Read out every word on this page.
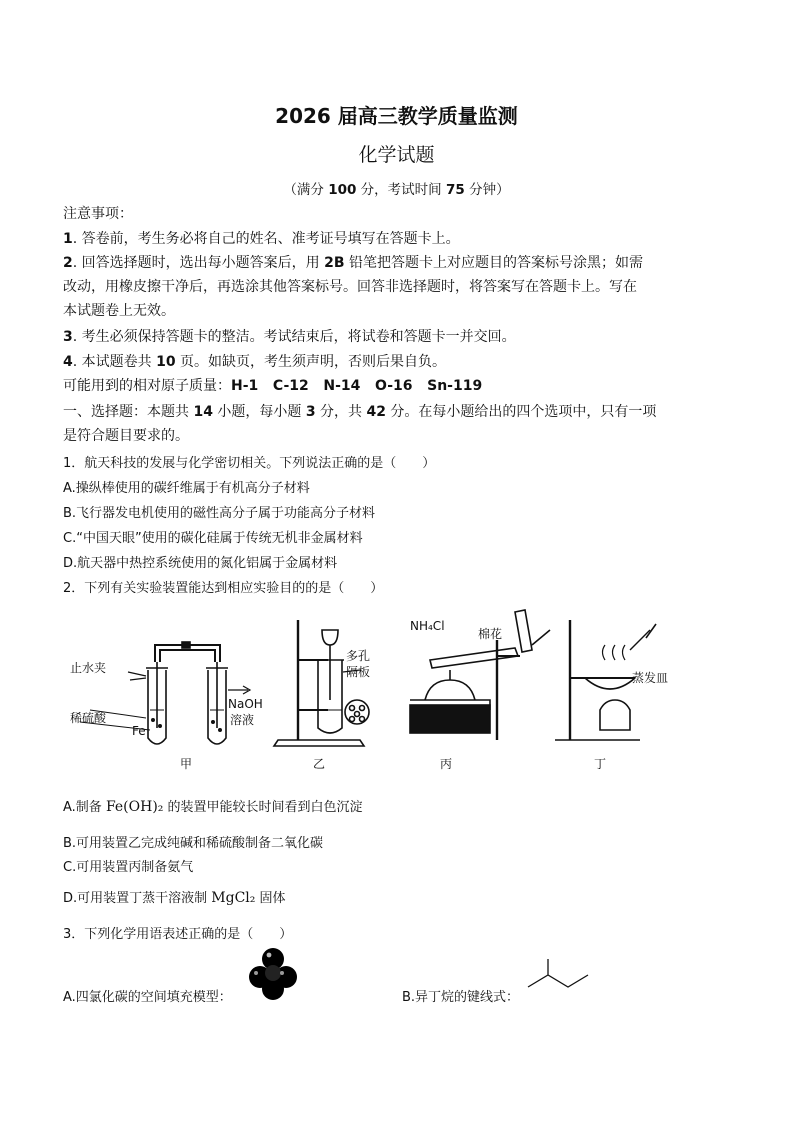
2026 届高三教学质量监测
化学试题
（满分 100 分，考试时间 75 分钟）
注意事项：
1. 答卷前，考生务必将自己的姓名、准考证号填写在答题卡上。
2. 回答选择题时，选出每小题答案后，用 2B 铅笔把答题卡上对应题目的答案标号涂黑；如需
改动，用橡皮擦干净后，再选涂其他答案标号。回答非选择题时，将答案写在答题卡上。写在
本试题卷上无效。
3. 考生必须保持答题卡的整洁。考试结束后，将试卷和答题卡一并交回。
4. 本试题卷共 10 页。如缺页，考生须声明，否则后果自负。
可能用到的相对原子质量：H-1   C-12   N-14   O-16   Sn-119
一、选择题：本题共 14 小题，每小题 3 分，共 42 分。在每小题给出的四个选项中，只有一项
是符合题目要求的。
1．航天科技的发展与化学密切相关。下列说法正确的是（　　）
A.操纵棒使用的碳纤维属于有机高分子材料
B.飞行器发电机使用的磁性高分子属于功能高分子材料
C.“中国天眼”使用的碳化硅属于传统无机非金属材料
D.航天器中热控系统使用的氮化铝属于金属材料
2．下列有关实验装置能达到相应实验目的的是（　　）
止水夹
稀硫酸
Fe
NaOH
溶液
多孔
隔板
NH₄Cl
棉花
蒸发皿
甲	乙	丙	丁
A.制备 Fe(OH)₂ 的装置甲能较长时间看到白色沉淀
B.可用装置乙完成纯碱和稀硫酸制备二氧化碳
C.可用装置丙制备氨气
D.可用装置丁蒸干溶液制 MgCl₂ 固体
3．下列化学用语表述正确的是（　　）
A.四氯化碳的空间填充模型：	B.异丁烷的键线式：
